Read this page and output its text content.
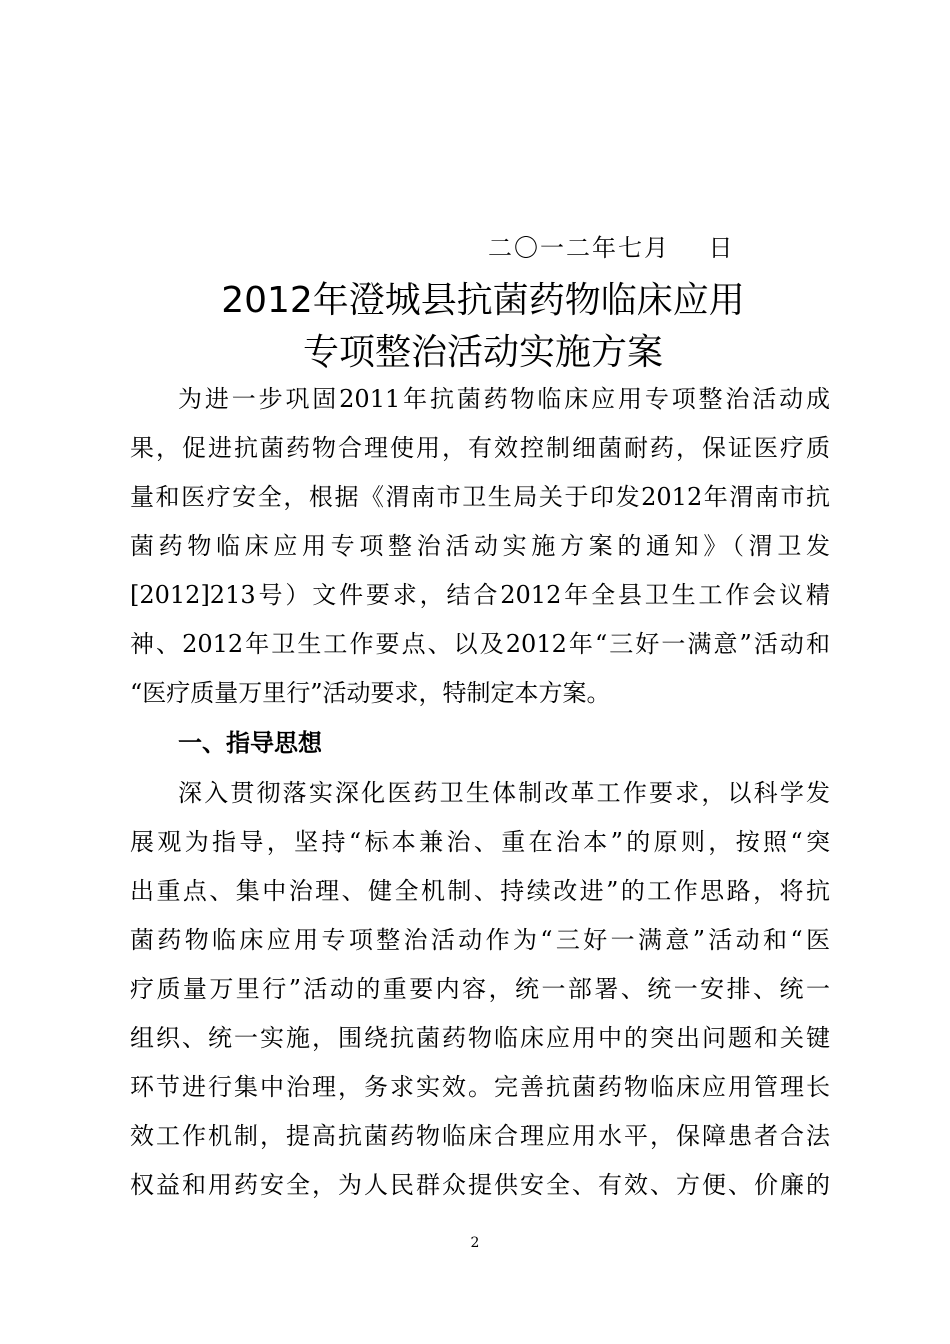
二〇一二年七月    日
2012年澄城县抗菌药物临床应用
专项整治活动实施方案
为进一步巩固2011年抗菌药物临床应用专项整治活动成
果，促进抗菌药物合理使用，有效控制细菌耐药，保证医疗质
量和医疗安全，根据《渭南市卫生局关于印发2012年渭南市抗
菌药物临床应用专项整治活动实施方案的通知》（渭卫发
[2012]213号）文件要求，结合2012年全县卫生工作会议精
神、2012年卫生工作要点、以及2012年“三好一满意”活动和
“医疗质量万里行”活动要求，特制定本方案。
一、指导思想
深入贯彻落实深化医药卫生体制改革工作要求，以科学发
展观为指导，坚持“标本兼治、重在治本”的原则，按照“突
出重点、集中治理、健全机制、持续改进”的工作思路，将抗
菌药物临床应用专项整治活动作为“三好一满意”活动和“医
疗质量万里行”活动的重要内容，统一部署、统一安排、统一
组织、统一实施，围绕抗菌药物临床应用中的突出问题和关键
环节进行集中治理，务求实效。完善抗菌药物临床应用管理长
效工作机制，提高抗菌药物临床合理应用水平，保障患者合法
权益和用药安全，为人民群众提供安全、有效、方便、价廉的
2
